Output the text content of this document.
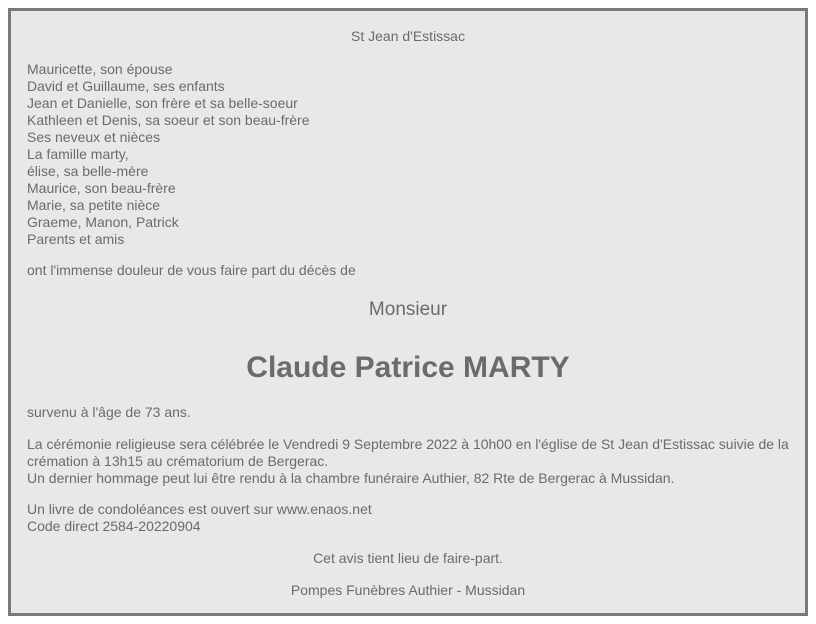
St Jean d'Estissac
Mauricette, son épouse
David et Guillaume, ses enfants
Jean et Danielle, son frère et sa belle-soeur
Kathleen et Denis, sa soeur et son beau-frère
Ses neveux et nièces
La famille marty,
élise, sa belle-mère
Maurice, son beau-frère
Marie, sa petite nièce
Graeme, Manon, Patrick
Parents et amis
ont l'immense douleur de vous faire part du décès de
Monsieur
Claude Patrice MARTY
survenu à l'âge de 73 ans.
La cérémonie religieuse sera célébrée le Vendredi 9 Septembre 2022 à 10h00 en l'église de St Jean d'Estissac suivie de la crémation à 13h15 au crématorium de Bergerac.
Un dernier hommage peut lui être rendu à la chambre funéraire Authier, 82 Rte de Bergerac à Mussidan.
Un livre de condoléances est ouvert sur www.enaos.net
Code direct 2584-20220904
Cet avis tient lieu de faire-part.
Pompes Funèbres Authier - Mussidan
